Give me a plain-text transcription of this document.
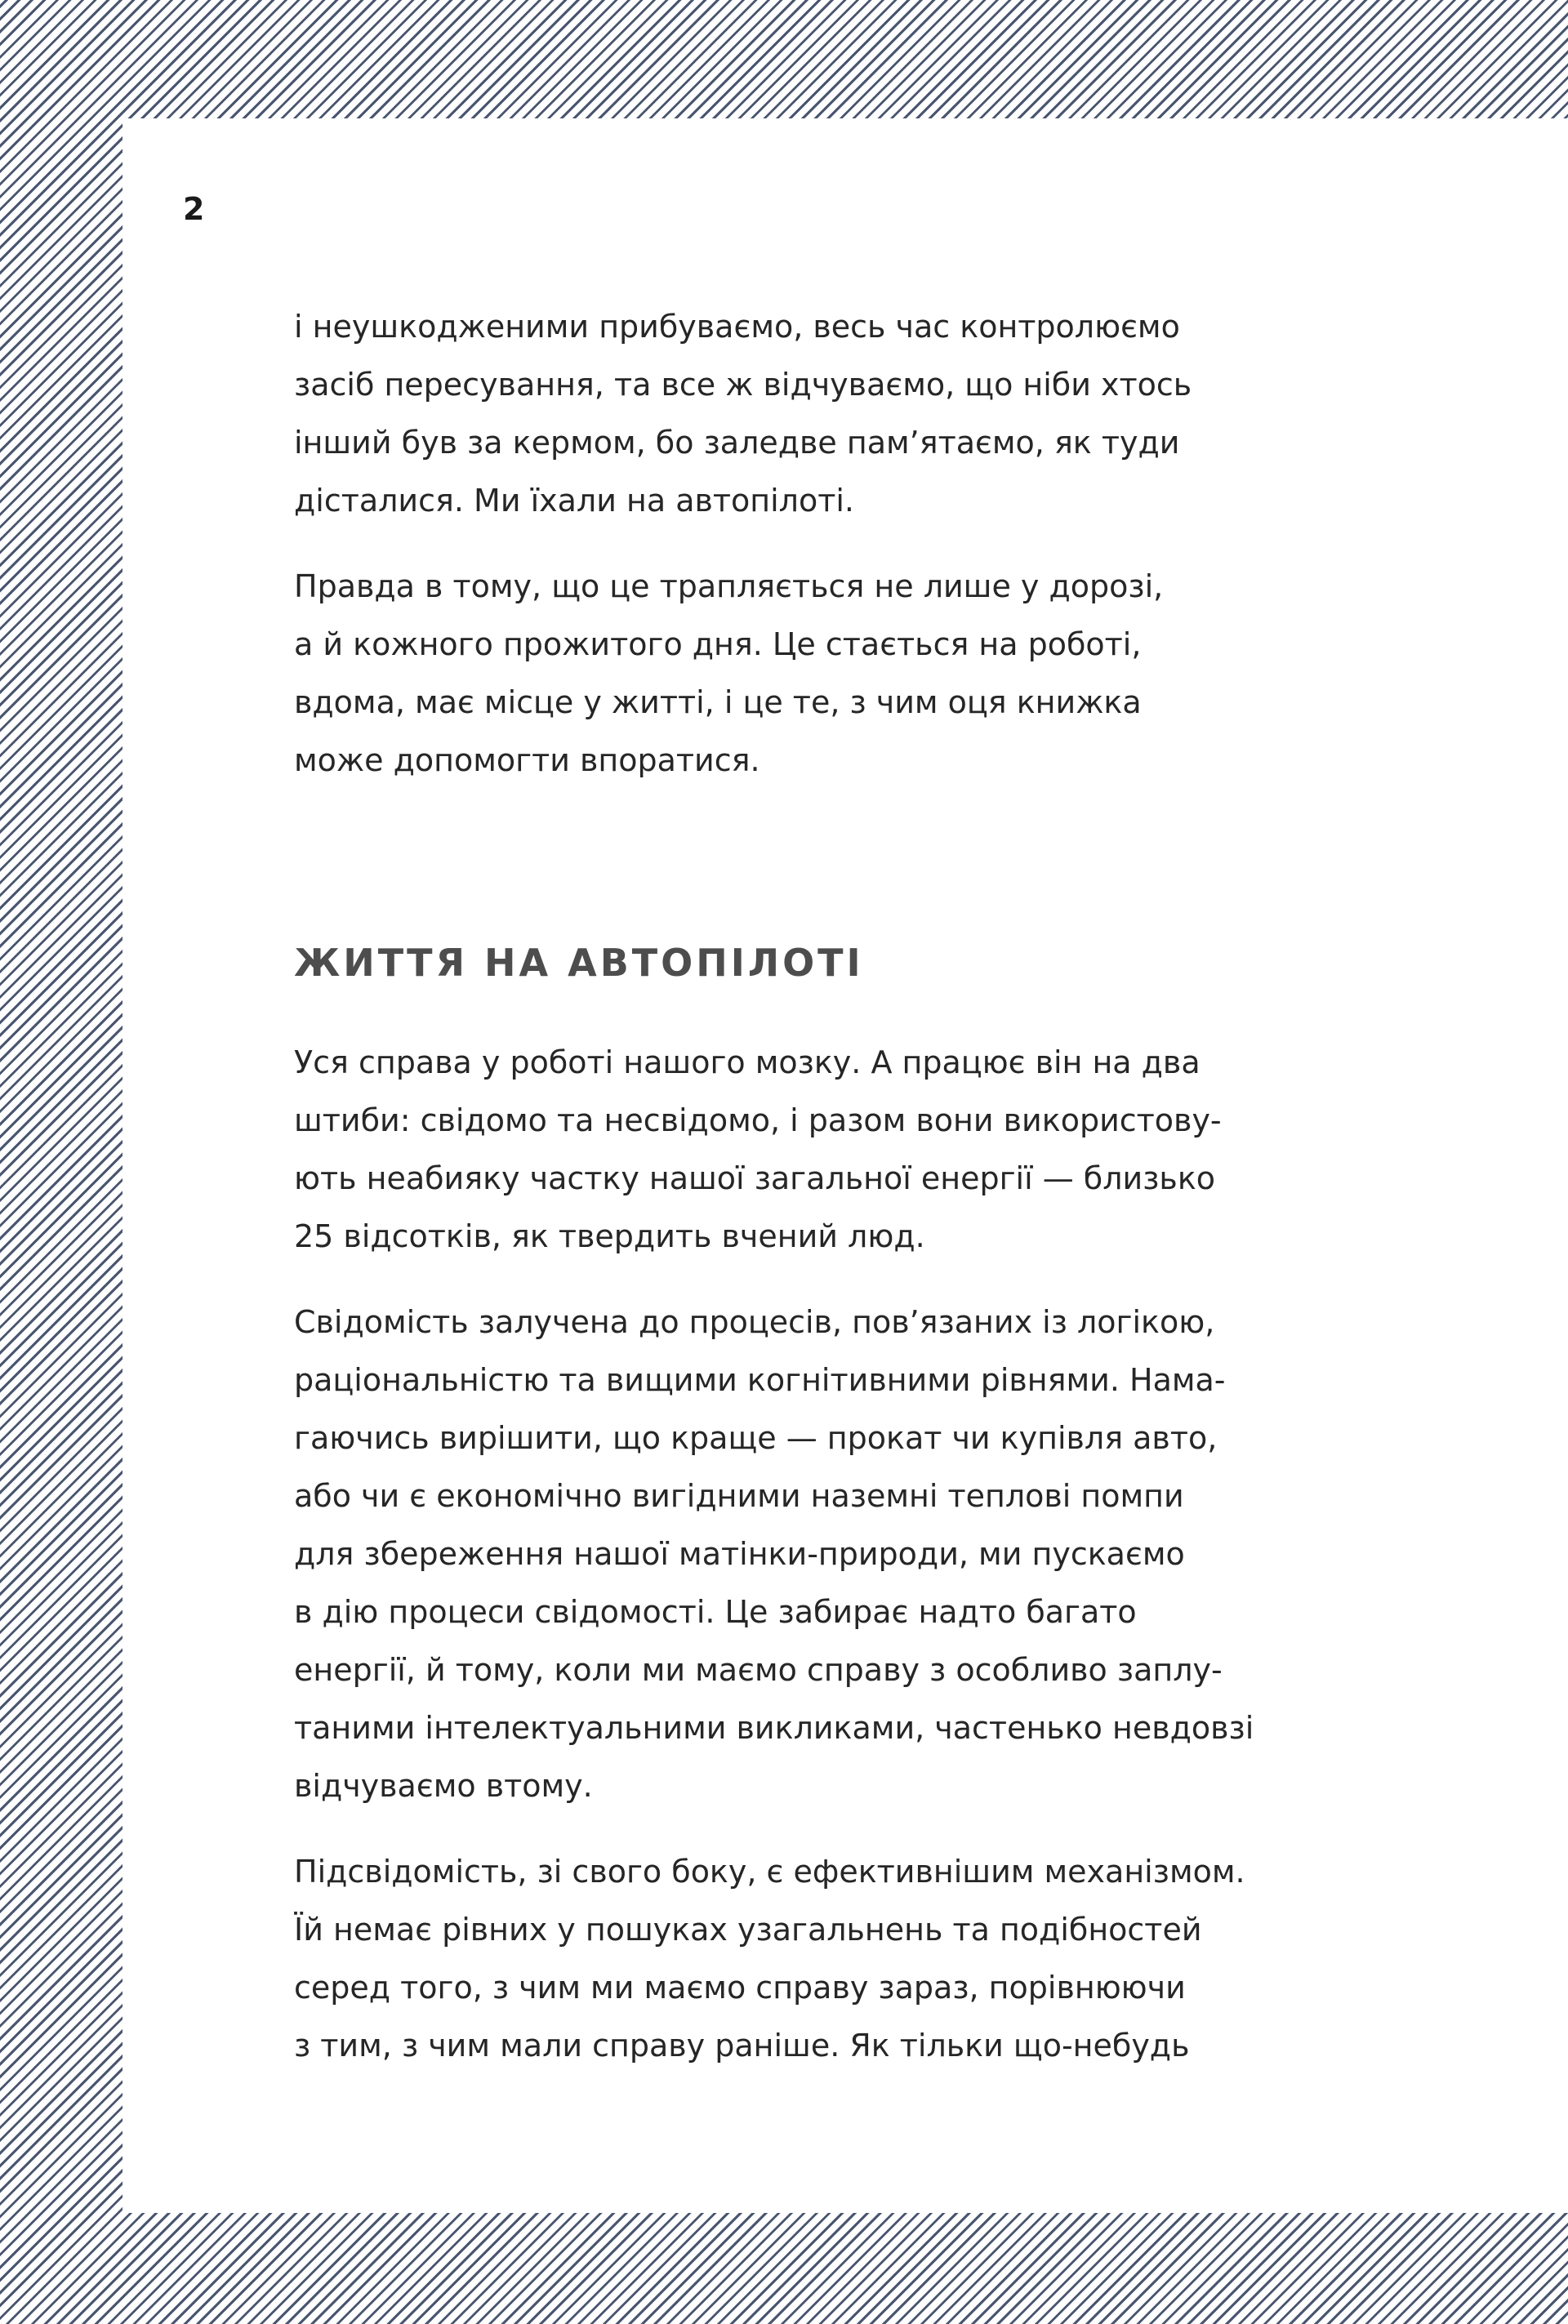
2

і неушкодженими прибуваємо, весь час контролюємо
засіб пересування, та все ж відчуваємо, що ніби хтось
інший був за кермом, бо заледве пам’ятаємо, як туди
дісталися. Ми їхали на автопілоті.

Правда в тому, що це трапляється не лише у дорозі,
а й кожного прожитого дня. Це стається на роботі,
вдома, має місце у житті, і це те, з чим оця книжка
може допомогти впоратися.

ЖИТТЯ НА АВТОПІЛОТІ

Уся справа у роботі нашого мозку. А працює він на два
штиби: свідомо та несвідомо, і разом вони використову-
ють неабияку частку нашої загальної енергії — близько
25 відсотків, як твердить вчений люд.

Свідомість залучена до процесів, пов’язаних із логікою,
раціональністю та вищими когнітивними рівнями. Нама-
гаючись вирішити, що краще — прокат чи купівля авто,
або чи є економічно вигідними наземні теплові помпи
для збереження нашої матінки-природи, ми пускаємо
в дію процеси свідомості. Це забирає надто багато
енергії, й тому, коли ми маємо справу з особливо заплу-
таними інтелектуальними викликами, частенько невдовзі
відчуваємо втому.

Підсвідомість, зі свого боку, є ефективнішим механізмом.
Їй немає рівних у пошуках узагальнень та подібностей
серед того, з чим ми маємо справу зараз, порівнюючи
з тим, з чим мали справу раніше. Як тільки що-небудь
